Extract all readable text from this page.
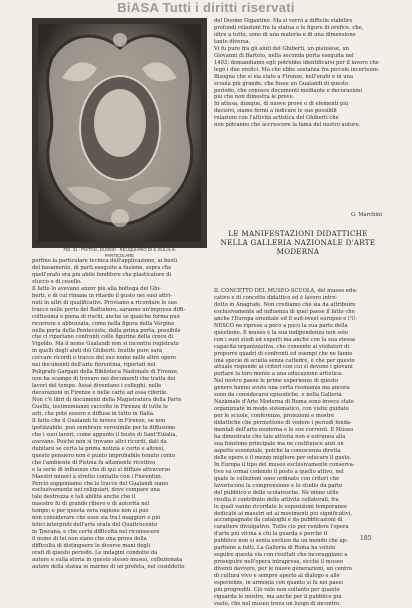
BiASA Tutti i diritti riservati
FIG. 31 - PISTOIA, DUOMO - RELIQUIARIO DI S. EULALIA
PARTICOLARE
perfino la particolare tecnica dell'applicazione, ai busti
del basamento, di parti eseguite a fusione, sopra che
quell'orafo era più abile fonditore che plasticatore di
stucco e di cesello.
Il fatto lo avevano anzor più alla bottega del Ghi-
berti, e di cui rimane in ritardo il gusto nei suoi attri-
nuti in altri di qualificativi. Proviamo a ricordare le sue
tracce nelle porte del Battistero, saranno un'impresa diffi-
coltissima e piena di rischi, anche se qualche forma può
ricorrere e abbozzata, come nella figura della Vergine
nella porta della Pentecoste, della prima porta, possibile
che ci riportano confronti colle figurine della croce di
Vigoldo. Ma il nome Gualandi non si incontra registrato
in quelli degli aiuti del Ghiberti. Inutile pure sarà
cercare ricordi o tracce del suo nome nelle altre opere
nei documenti dell'arte fiorentina, riportati nel
Poligrafo Gargani della Biblioteca Nazionale di Firenze,
non ha scampo di trovare nei documenti che tratta dei
lavori del tempo. Assai diventano i colleghi, nelle
decorazioni in Firenze e nelle carte ad essa riferite.
Non c'è libri di documenti della Magistratura della Parte
Guelfa, testimonianze raccolte in Firenze di tutte le
arti, che poté essere e diffusa in tutto in Italia.
Il fatto che il Gualandi fu invece in Firenze, se non
ipotizzabile, può sembrare verosimile per la diffusione
che i suoi lavori, come appunto il busto di Sant'Eulalia,
avevano. Poiché non si trovano altri ricordi, dati da
dubitare se certa la prima notizia e certo è altresì,
questo pensiero non è punto improbabile tenuto conto
che l'ambiente di Pistoia fu altamente ricettivo
e la serie di influenze che di qui si diffuse attraverso
Maestri minori a stretto contatto con i Fiorentini.
Perciò supponiamo che le tracce del Gualandi siano
esclusivamente nei reliquiari, dove compare una
tale destrezza e tali abilità anche che il
maestro fu di grande rilievo e di autorità nel
tempo; e per questa vera ragione non si può
non considerare che esso sia tra i maggiori e più
felici interpreti dell'arte orafa del Quattrocento
in Toscana, e che certe difficoltà nel riconoscere
il nome di lui non siano che una prova della
difficoltà di distinguere le diverse mani degli
orafi di questo periodo. Le indagini condotte da
autore e sulla storia in questo stesso museo, collezionata
autore della statua in marmo di un profeta, nel cosiddetto
del Duomo Gigantino. Ma si verrà a difficile stabilire
profondi relazioni fra la statua e le figure di orefice, che,
oltre a tutto, sono di una materia e di una dimensione
tanto diversa.
Vi fu pure fra gli aiuti del Ghiberti, un pistoiese, un
Giovanni di Bartolo, nella seconda porta eseguita nel
1403; domandiamo egli potrebbe identificarsi per il lavoro che
legò i due orefici. Ma che ebbe sostanza fra piccole incertezze.
Bisogna che si sia stato a Firenze, nell'orafo e in una
scuola più grande, che fosse un Gualandi di questo
periodo, che conosce documenti mediante e decorazioni
più che non dimostra le prove.
In attesa, dunque, di nuove prove e di elementi più
decisivi, siamo fermi a indicare le sue possibili
relazioni con l'attività artistica del Ghiberti che
non potranno che accrescere la fama del nostro autore.
G. Marchini
LE MANIFESTAZIONI DIDATTICHE
NELLA GALLERIA NAZIONALE D'ARTE
MODERNA
IL CONCETTO DEL MUSEO-SCUOLA, del museo edu-
cativo e di concetto didattico ed è lavoro intro-
dotto in Anagrafe. Non crediamo che sia da attribuire
esclusivamente ad influenza di quel paese il fatto che
anche l'Europa orientale ed il sud-ovest europeo e l'U-
NESCO ne riprese a poco a poco la sua parte della
questione. Il museo è la sua indipendenza non solo
con i suoi studi ed esperti ma anche con la sua stessa
capacità organizzativa, che consente ai visitatori di
proporre quadri di confronti ed esempi che ne fanno
una specie di scuola senza cattedre, e che per questo
attuale risponde ai criteri con cui si devono i giovani
portare la loro mente a una educazione artistica.
Nel nostro paese le prime esperienze di questo
genere hanno avuto una certa risonanza ma ancora
sono da considerarsi episodiche, e nella Galleria
Nazionale d'Arte Moderna di Roma sono invece state
organizzate in modo sistematico, con visite guidate
per le scuole, conferenze, proiezioni e mostre
didattiche che permettono di vedere i periodi fonda-
mentali dell'arte moderna e le sue correnti. Il Museo
ha dimostrato che tale attività non è estranea alla
sua funzione principale ma ne costituisce anzi un
aspetto essenziale, poiché la conoscenza diretta
delle opere è il mezzo migliore per educare il gusto.
In Europa il tipo del museo esclusivamente conserva-
tivo va ormai cedendo il posto a quello attivo, nel
quale le collezioni sono ordinate con criteri che
favoriscono la comprensione e lo studio da parte
del pubblico e delle scolaresche. Nè meno utile
risulta il contributo delle attività collaterali, fra
le quali vanno ricordate le esposizioni temporanee
dedicate ai maestri ed ai movimenti più significativi,
accompagnate da cataloghi e da pubblicazioni di
carattere divulgativo. Tutto ciò per rendere l'opera
d'arte più vicina a chi la guarda e perché il
pubblico non si senta escluso da un mondo che ap-
partiene a tutti. La Galleria di Roma ha voluto
seguire questa via con risultati che incoraggiano a
proseguire nell'opera intrapresa, sicché il museo
diventi davvero, per le nuove generazioni, un centro
di cultura vivo e sempre aperto al dialogo e alle
esperienze, in armonia con quanto si fa nei paesi
più progrediti. Ciò vale non soltanto per quanto
riguarda le mostre, ma anche per il pubblico più
vasto, che nel museo trova un luogo di incontro.
185
